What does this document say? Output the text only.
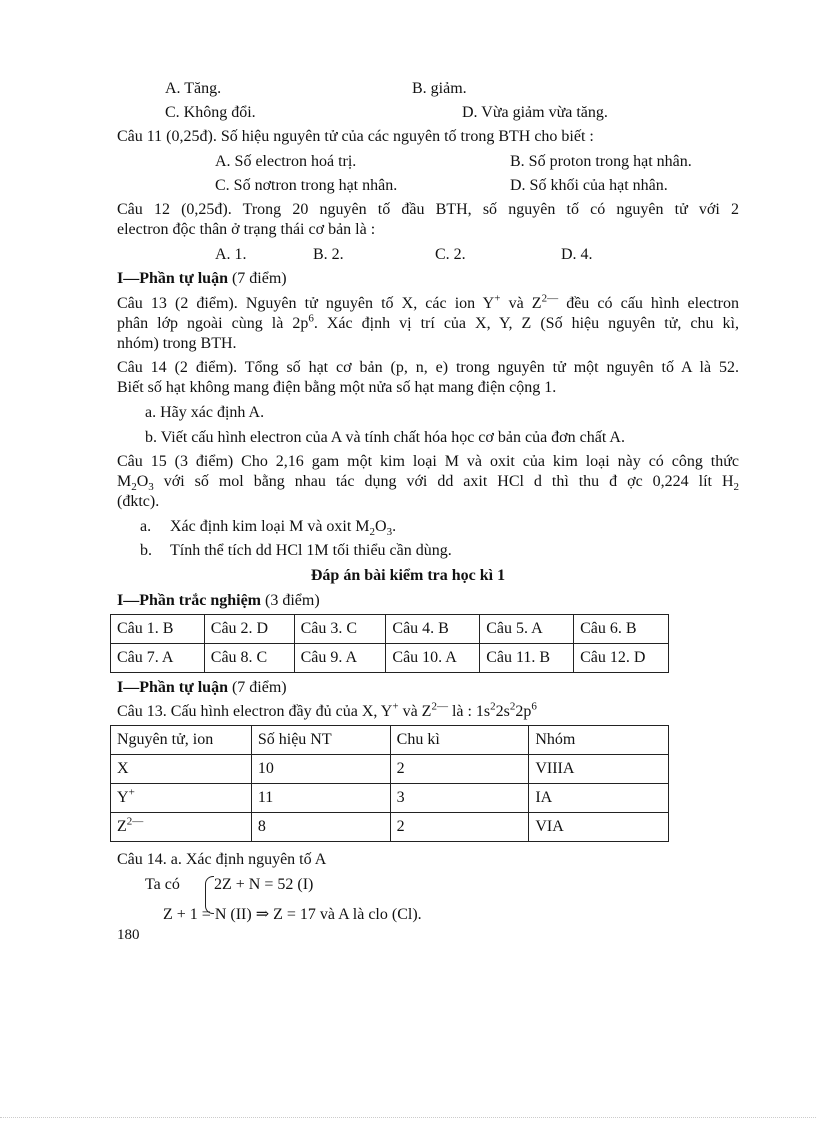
A. Tăng.	B. giảm.
C. Không đổi.	D. Vừa giảm vừa tăng.
Câu 11 (0,25đ). Số hiệu nguyên tử của các nguyên tố trong BTH cho biết :
A. Số electron hoá trị.	B. Số proton trong hạt nhân.
C. Số nơtron trong hạt nhân.	D. Số khối của hạt nhân.
Câu 12 (0,25đ). Trong 20 nguyên tố đầu BTH, số nguyên tố có nguyên tử với 2
electron độc thân ở trạng thái cơ bản là :
A. 1.	B. 2.	C. 2.	D. 4.
I—Phần tự luận (7 điểm)
Câu 13 (2 điểm). Nguyên tử nguyên tố X, các ion Y+ và $Z^{2—}$ đều có cấu hình electron
phân lớp ngoài cùng là $2p^6$. Xác định vị trí của X, Y, Z (Số hiệu nguyên tử, chu kì,
nhóm) trong BTH.
Câu 14 (2 điểm). Tổng số hạt cơ bản (p, n, e) trong nguyên tử một nguyên tố A là 52.
Biết số hạt không mang điện bằng một nửa số hạt mang điện cộng 1.
a. Hãy xác định A.
b. Viết cấu hình electron của A và tính chất hóa học cơ bản của đơn chất A.
Câu 15 (3 điểm) Cho 2,16 gam một kim loại M và oxit của kim loại này có công thức
$M_2O_3$ với số mol bằng nhau tác dụng với dd axit HCl d thì thu đ ợc 0,224 lít $H_2$
(đktc).
a. Xác định kim loại M và oxit $M_2O_3$.
b. Tính thể tích dd HCl 1M tối thiểu cần dùng.
Đáp án bài kiểm tra học kì 1
I—Phần trắc nghiệm (3 điểm)
Câu 1. B	Câu 2. D	Câu 3. C	Câu 4. B	Câu 5. A	Câu 6. B
Câu 7. A	Câu 8. C	Câu 9. A	Câu 10. A	Câu 11. B	Câu 12. D
I—Phần tự luận (7 điểm)
Câu 13. Cấu hình electron đầy đủ của X, Y+ và $Z^{2—}$ là : $1s^22s^22p^6$
Nguyên tử, ion	Số hiệu NT	Chu kì	Nhóm
X	10	2	VIIIA
Y+	11	3	IA
$Z^{2—}$	8	2	VIA
Câu 14. a. Xác định nguyên tố A
Ta có 2Z + N = 52 (I)
Z + 1 = N (II) ⇒ Z = 17 và A là clo (Cl).
180
